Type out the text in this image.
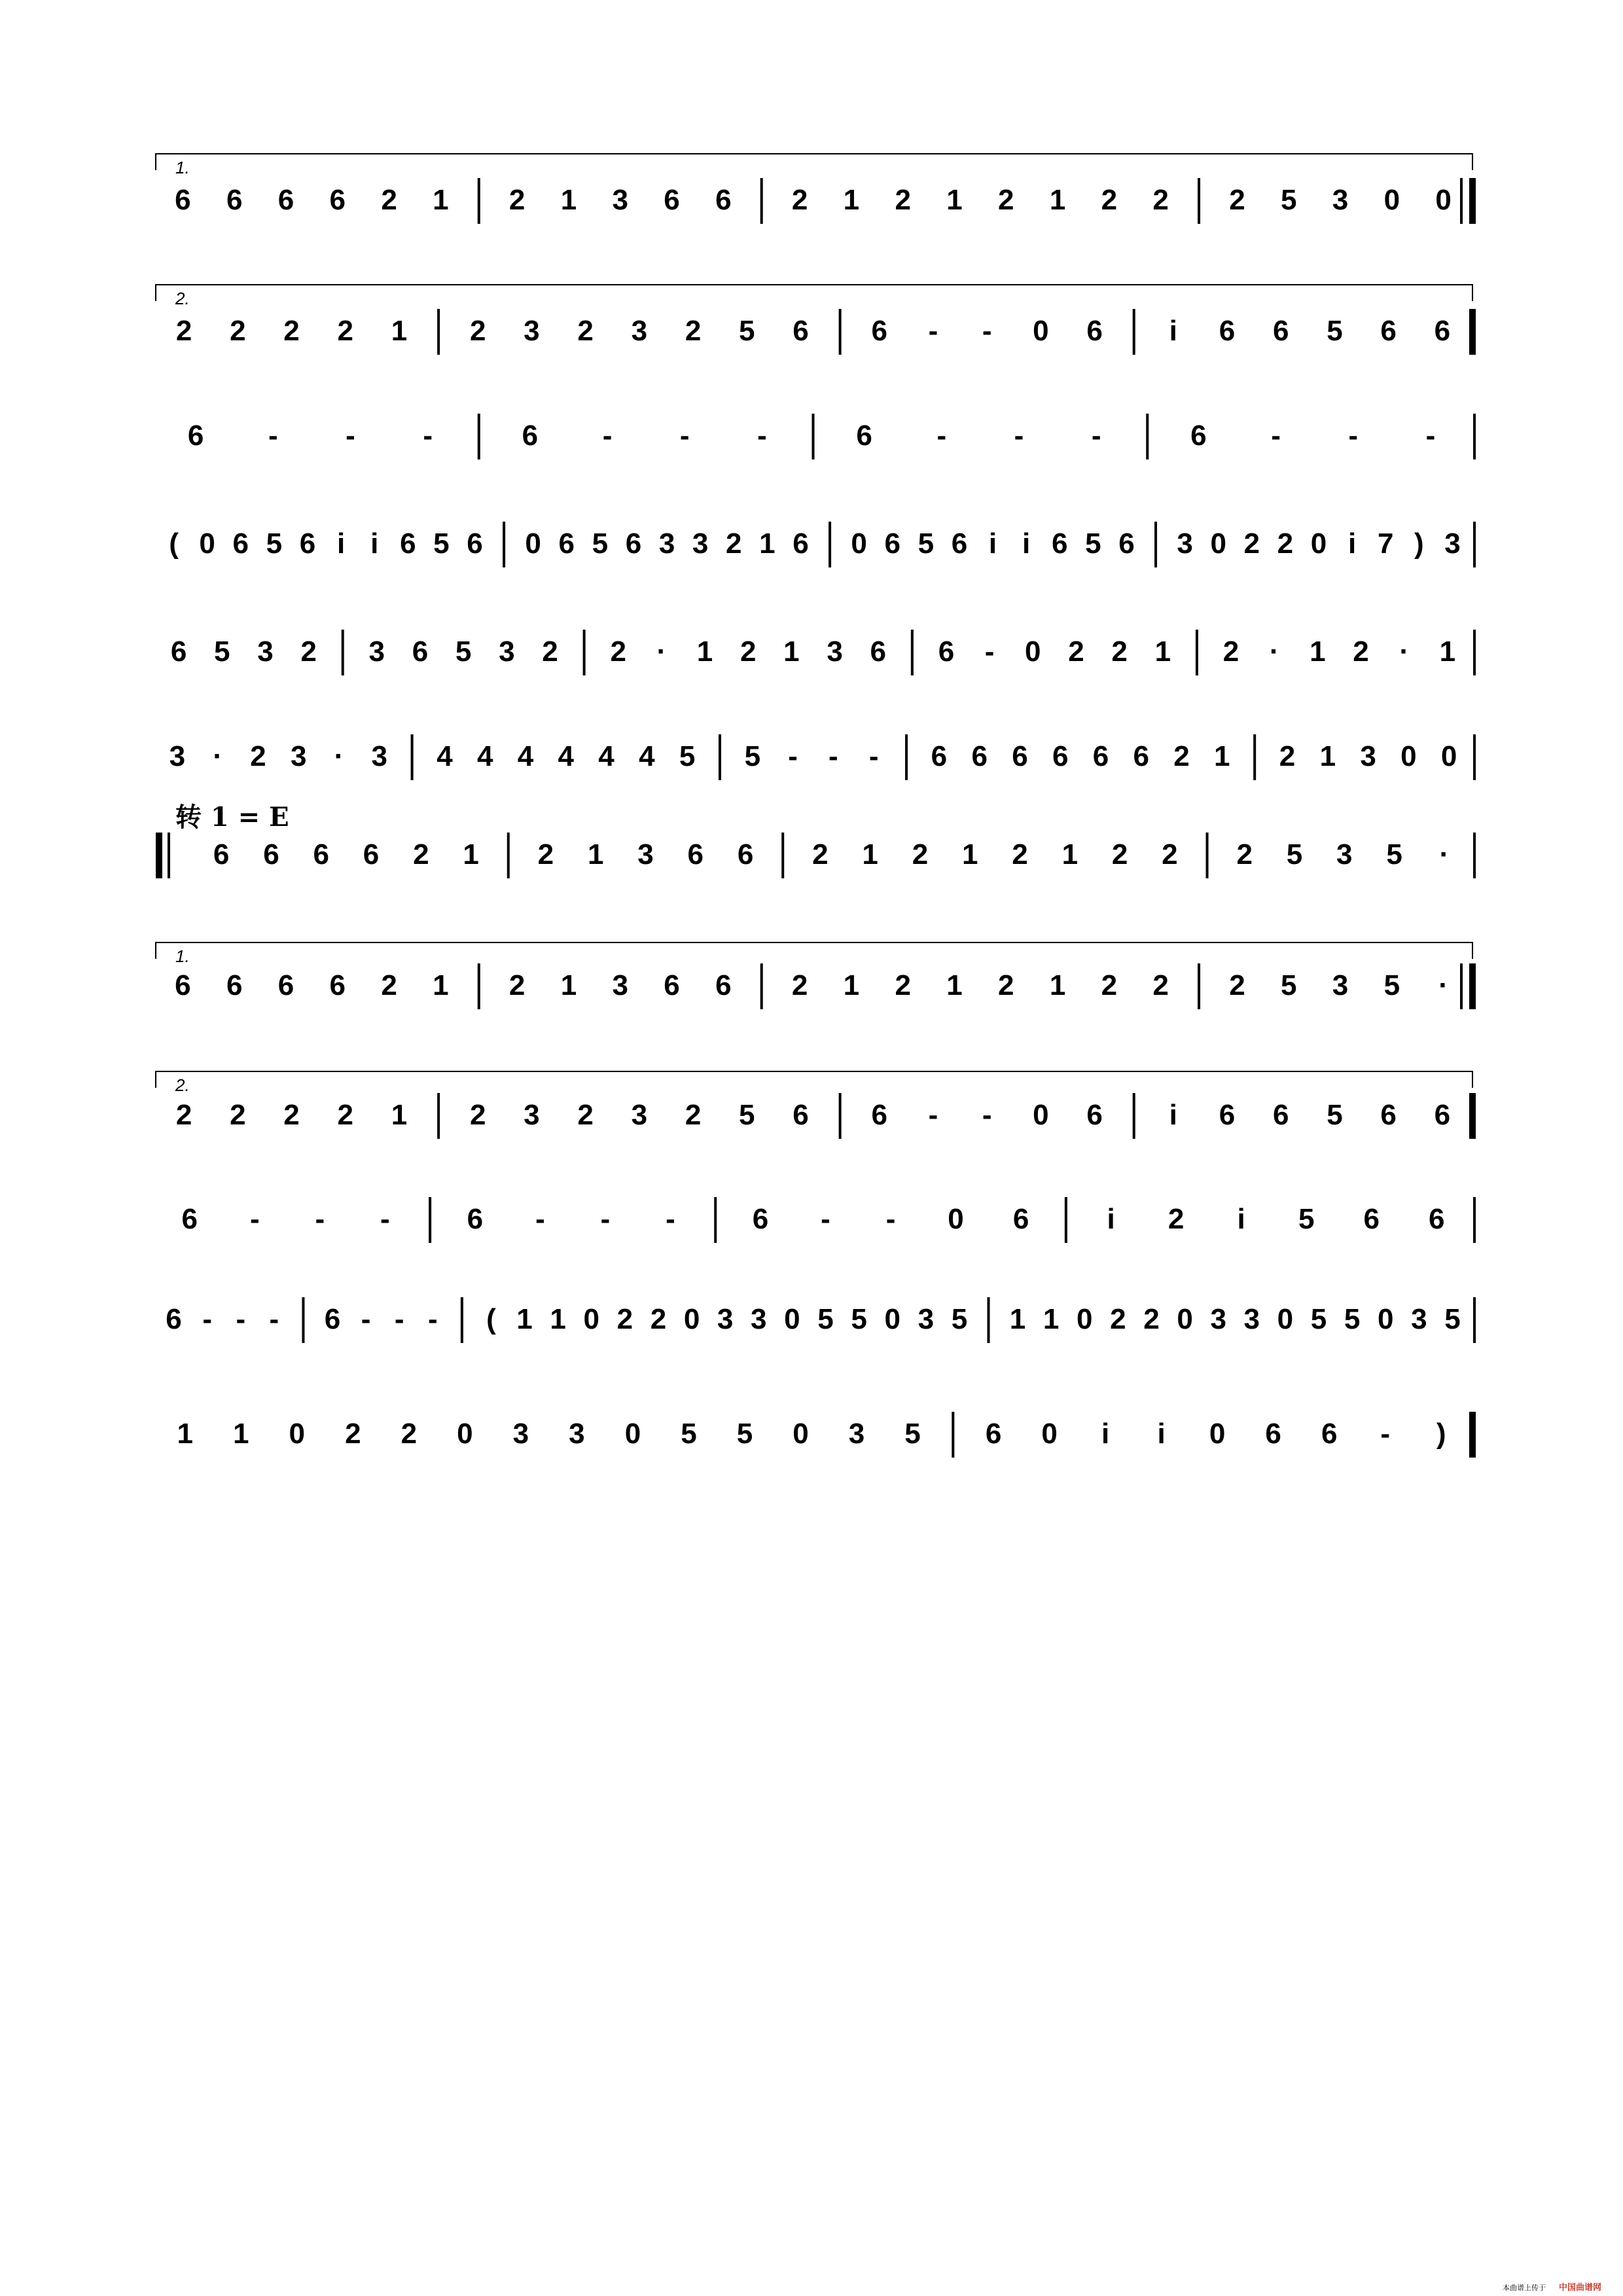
6 6 6 6 2 1 2 1 3 6 6 2 1 2 1 2 1 2 2 2 5 3 0 0
2 2 2 2 1 2 3 2 3 2 5 6 6 - - 0 6 i 6 6 5 6 6
6 - - -	6 - - -	6 - - -	6 - - -
( 0 6 5 6 i i 6 5 6 0 6 5 6 3 3 2 1 6 0 6 5 6 i i 6 5 6 3 0 2 2 0 i 7 ) 3
6 5 3 2 3 6 5 3 2 2 · 1 2 1 3 6 6 - 0 2 2 1 2 · 1 2 · 1
3 · 2 3 · 3 4 4 4 4 4 4 5 5 - - - 6 6 6 6 6 6 2 1 2 1 3 0 0
6 6 6 6 2 1 2 1 3 6 6 2 1 2 1 2 1 2 2 2 5 3 5 ·
6 6 6 6 2 1 2 1 3 6 6 2 1 2 1 2 1 2 2 2 5 3 5 ·
2 2 2 2 1 2 3 2 3 2 5 6 6 - - 0 6 i 6 6 5 6 6
6 - - -	6 - - -	6 - - 0 6	i 2 i 5 6 6
6 - - - 6 - - - ( 1 1 0 2 2 0 3 3 0 5 5 0 3 5 1 1 0 2 2 0 3 3 0 5 5 0 3 5
1 1 0 2 2 0 3 3 0 5 5 0 3 5 6 0 i i 0 6 6 - )
1.
2.
1.
2.
转 1 = E
本曲谱上传于 中国曲谱网
